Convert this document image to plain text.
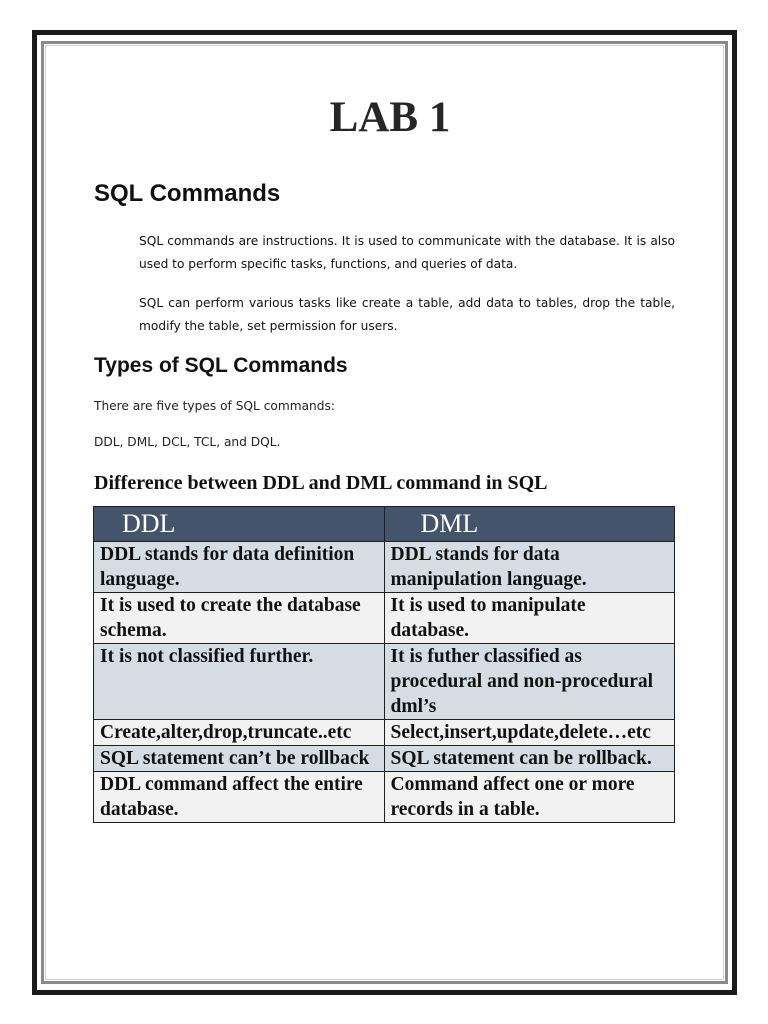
LAB 1
SQL Commands

SQL commands are instructions. It is used to communicate with the database. It is also used to perform specific tasks, functions, and queries of data.

SQL can perform various tasks like create a table, add data to tables, drop the table, modify the table, set permission for users.

Types of SQL Commands

There are five types of SQL commands:

DDL, DML, DCL, TCL, and DQL.

Difference between DDL and DML command in SQL
DDL	DML
DDL stands for data definition language.	DDL stands for data manipulation language.
It is used to create the database schema.	It is used to manipulate database.
It is not classified further.	It is futher classified as procedural and non-procedural dml’s
Create,alter,drop,truncate..etc	Select,insert,update,delete…etc
SQL statement can’t be rollback	SQL statement can be rollback.
DDL command affect the entire database.	Command affect one or more records in a table.
